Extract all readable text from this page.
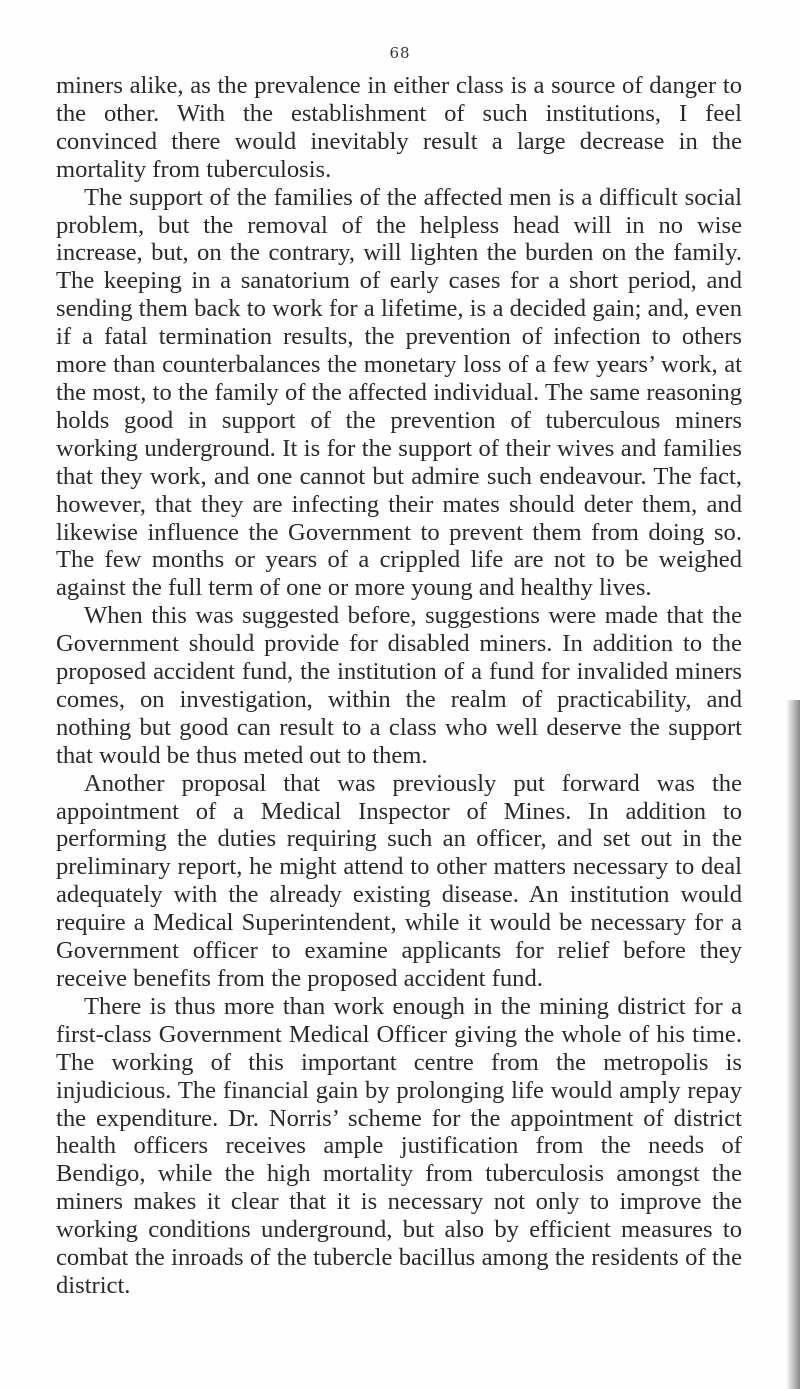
68

miners alike, as the prevalence in either class is a source of danger to the other. With the establishment of such institutions, I feel convinced there would inevitably result a large decrease in the mortality from tuberculosis.

The support of the families of the affected men is a difficult social problem, but the removal of the helpless head will in no wise increase, but, on the contrary, will lighten the burden on the family. The keeping in a sanatorium of early cases for a short period, and sending them back to work for a lifetime, is a decided gain; and, even if a fatal termination results, the prevention of infection to others more than counterbalances the monetary loss of a few years’ work, at the most, to the family of the affected individual. The same reasoning holds good in support of the prevention of tuberculous miners working underground. It is for the support of their wives and families that they work, and one cannot but admire such endeavour. The fact, however, that they are infecting their mates should deter them, and likewise influence the Government to prevent them from doing so. The few months or years of a crippled life are not to be weighed against the full term of one or more young and healthy lives.

When this was suggested before, suggestions were made that the Government should provide for disabled miners. In addition to the proposed accident fund, the institution of a fund for invalided miners comes, on investigation, within the realm of practicability, and nothing but good can result to a class who well deserve the support that would be thus meted out to them.

Another proposal that was previously put forward was the appointment of a Medical Inspector of Mines. In addition to performing the duties requiring such an officer, and set out in the preliminary report, he might attend to other matters necessary to deal adequately with the already existing disease. An institution would require a Medical Superintendent, while it would be necessary for a Government officer to examine applicants for relief before they receive benefits from the proposed accident fund.

There is thus more than work enough in the mining district for a first-class Government Medical Officer giving the whole of his time. The working of this important centre from the metropolis is injudicious. The financial gain by prolonging life would amply repay the expenditure. Dr. Norris’ scheme for the appointment of district health officers receives ample justification from the needs of Bendigo, while the high mortality from tuberculosis amongst the miners makes it clear that it is necessary not only to improve the working conditions underground, but also by efficient measures to combat the inroads of the tubercle bacillus among the residents of the district.
